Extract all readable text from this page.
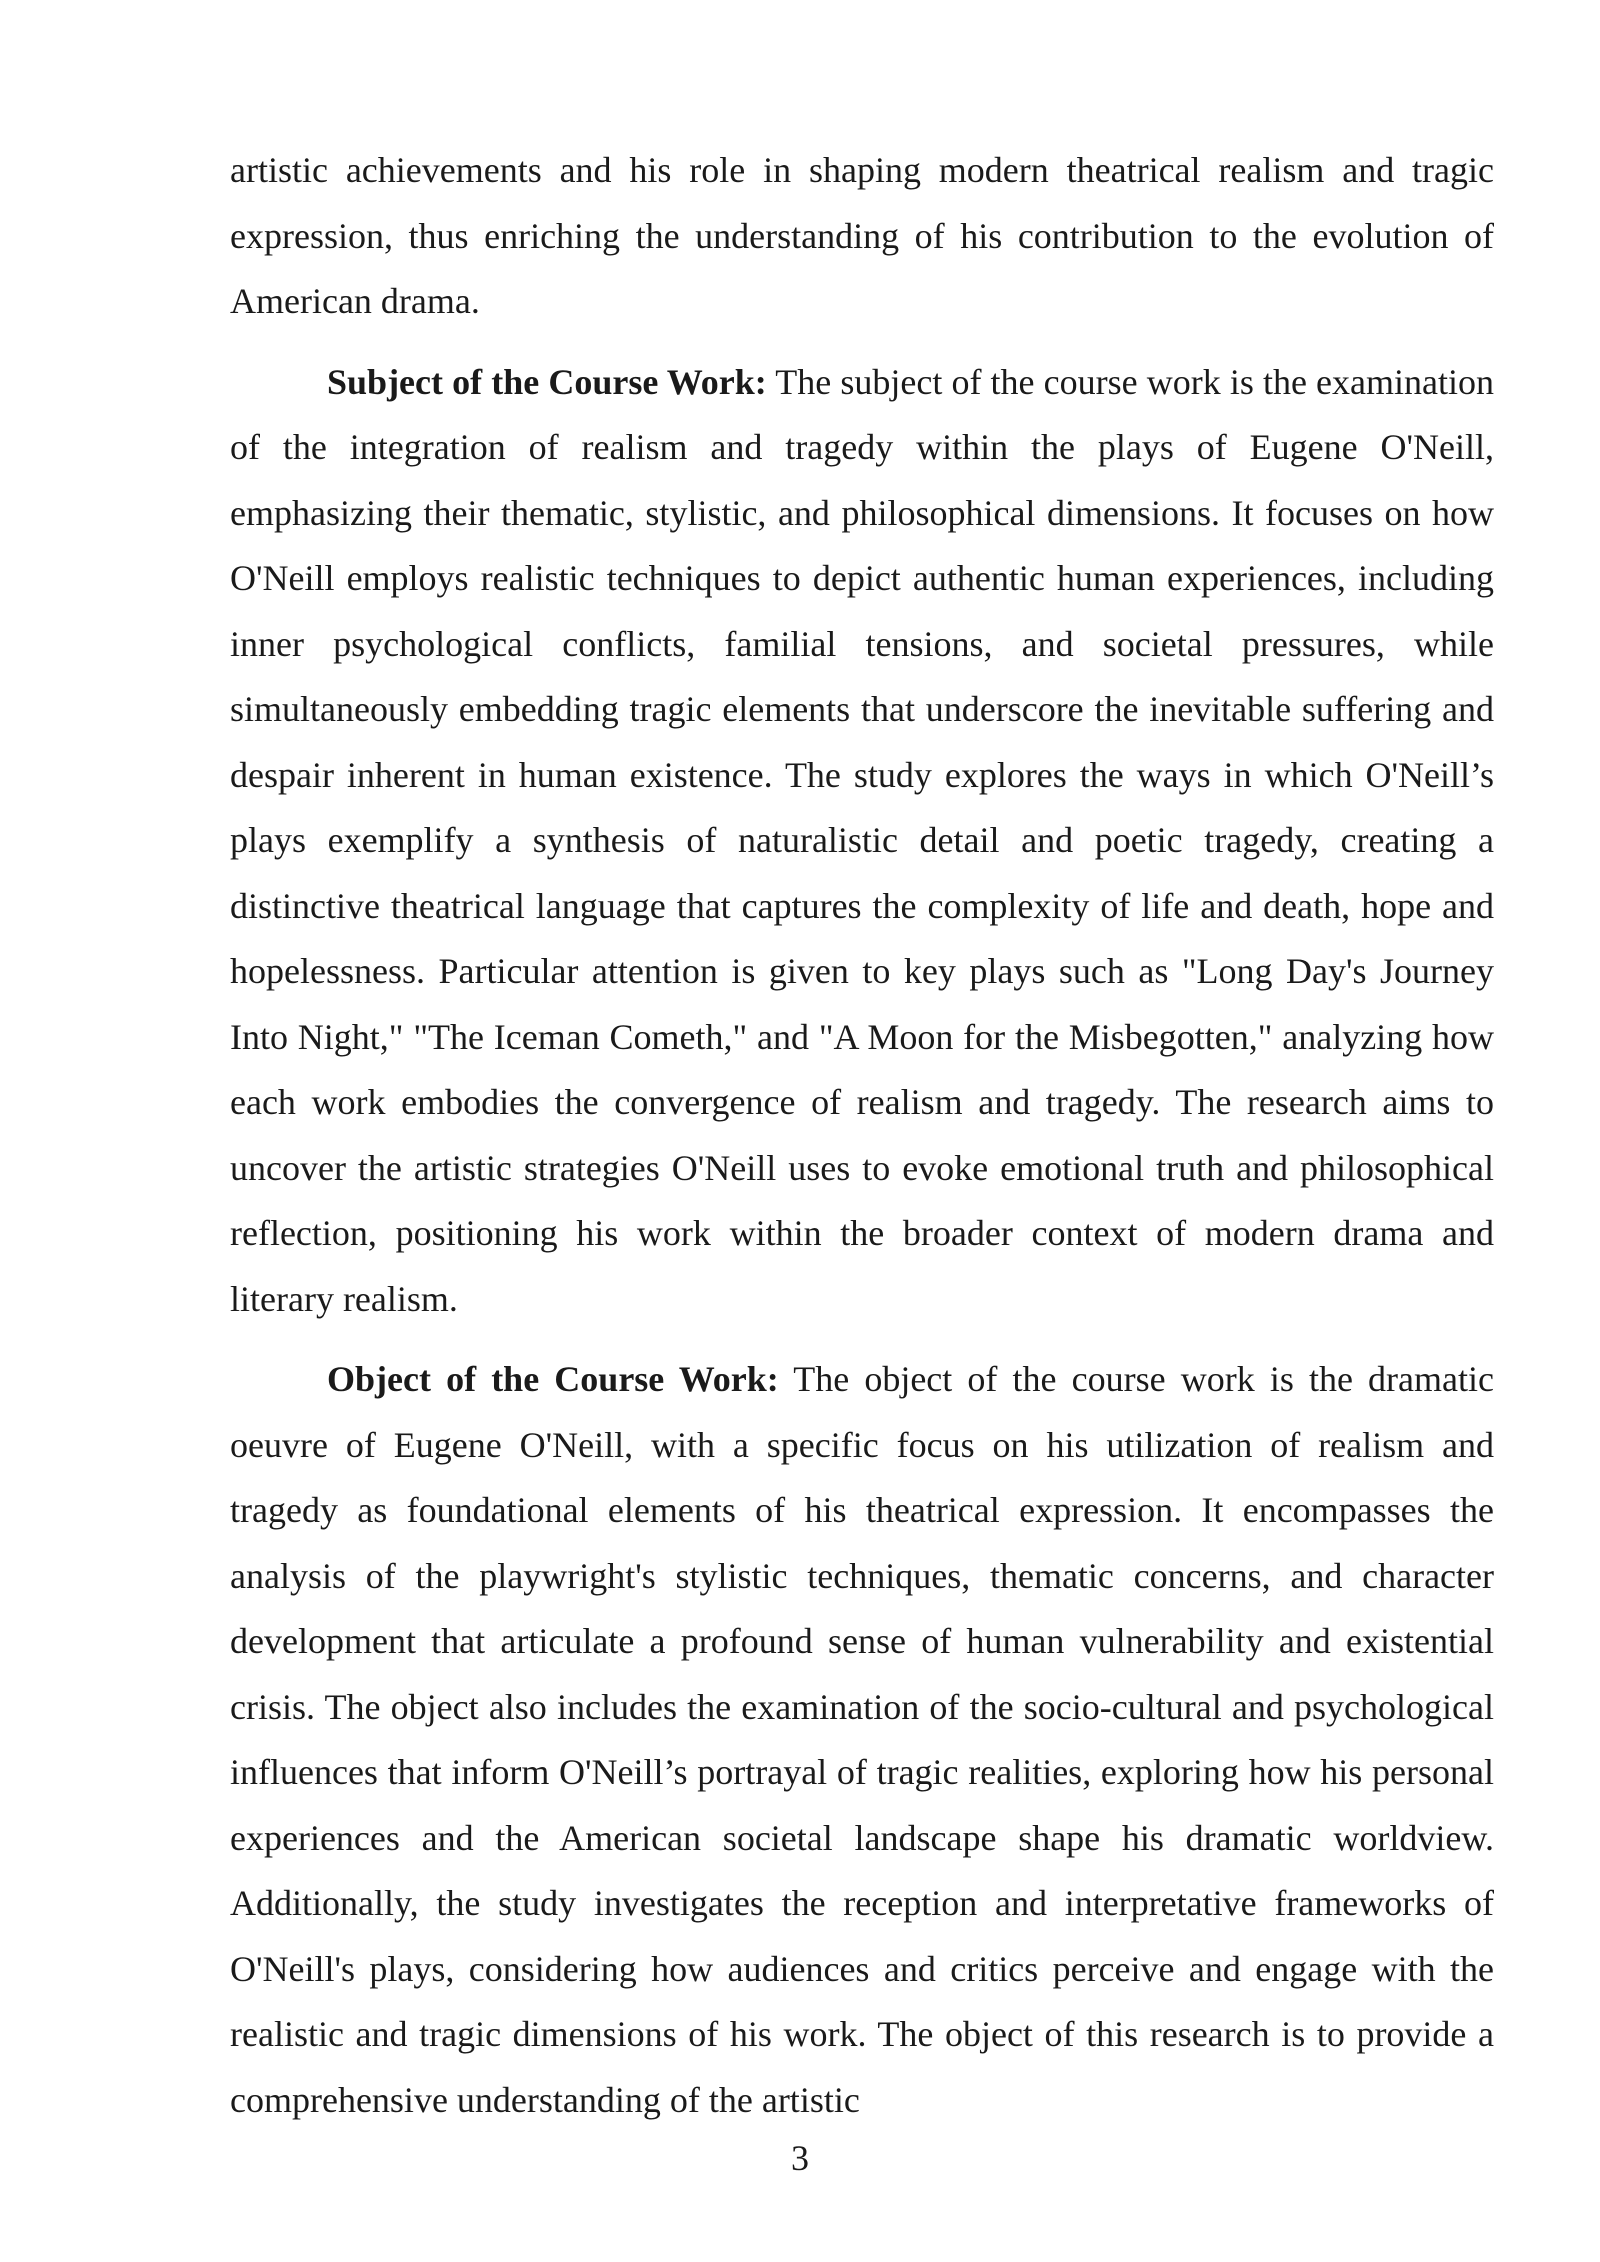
artistic achievements and his role in shaping modern theatrical realism and tragic expression, thus enriching the understanding of his contribution to the evolution of American drama.

Subject of the Course Work: The subject of the course work is the examination of the integration of realism and tragedy within the plays of Eugene O'Neill, emphasizing their thematic, stylistic, and philosophical dimensions. It focuses on how O'Neill employs realistic techniques to depict authentic human experiences, including inner psychological conflicts, familial tensions, and societal pressures, while simultaneously embedding tragic elements that underscore the inevitable suffering and despair inherent in human existence. The study explores the ways in which O'Neill’s plays exemplify a synthesis of naturalistic detail and poetic tragedy, creating a distinctive theatrical language that captures the complexity of life and death, hope and hopelessness. Particular attention is given to key plays such as "Long Day's Journey Into Night," "The Iceman Cometh," and "A Moon for the Misbegotten," analyzing how each work embodies the convergence of realism and tragedy. The research aims to uncover the artistic strategies O'Neill uses to evoke emotional truth and philosophical reflection, positioning his work within the broader context of modern drama and literary realism.

Object of the Course Work: The object of the course work is the dramatic oeuvre of Eugene O'Neill, with a specific focus on his utilization of realism and tragedy as foundational elements of his theatrical expression. It encompasses the analysis of the playwright's stylistic techniques, thematic concerns, and character development that articulate a profound sense of human vulnerability and existential crisis. The object also includes the examination of the socio-cultural and psychological influences that inform O'Neill’s portrayal of tragic realities, exploring how his personal experiences and the American societal landscape shape his dramatic worldview. Additionally, the study investigates the reception and interpretative frameworks of O'Neill's plays, considering how audiences and critics perceive and engage with the realistic and tragic dimensions of his work. The object of this research is to provide a comprehensive understanding of the artistic

3
